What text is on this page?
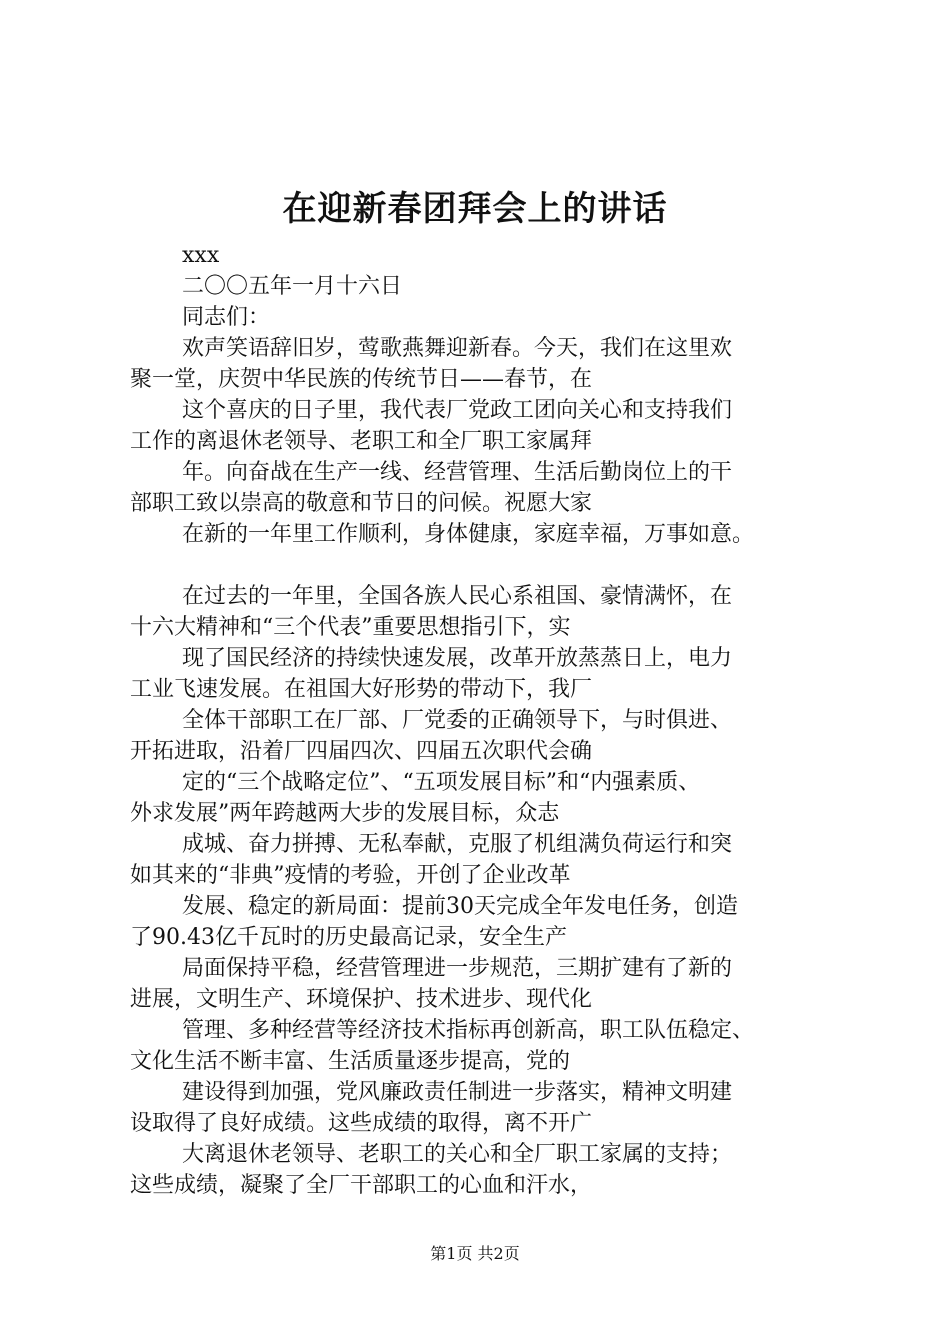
在迎新春团拜会上的讲话
xxx
二〇〇五年一月十六日
同志们：
欢声笑语辞旧岁，莺歌燕舞迎新春。今天，我们在这里欢
聚一堂，庆贺中华民族的传统节日——春节，在
这个喜庆的日子里，我代表厂党政工团向关心和支持我们
工作的离退休老领导、老职工和全厂职工家属拜
年。向奋战在生产一线、经营管理、生活后勤岗位上的干
部职工致以崇高的敬意和节日的问候。祝愿大家
在新的一年里工作顺利，身体健康，家庭幸福，万事如意。
在过去的一年里，全国各族人民心系祖国、豪情满怀，在
十六大精神和“三个代表”重要思想指引下，实
现了国民经济的持续快速发展，改革开放蒸蒸日上，电力
工业飞速发展。在祖国大好形势的带动下，我厂
全体干部职工在厂部、厂党委的正确领导下，与时俱进、
开拓进取，沿着厂四届四次、四届五次职代会确
定的“三个战略定位”、“五项发展目标”和“内强素质、
外求发展”两年跨越两大步的发展目标，众志
成城、奋力拼搏、无私奉献，克服了机组满负荷运行和突
如其来的“非典”疫情的考验，开创了企业改革
发展、稳定的新局面：提前30天完成全年发电任务，创造
了90.43亿千瓦时的历史最高记录，安全生产
局面保持平稳，经营管理进一步规范，三期扩建有了新的
进展，文明生产、环境保护、技术进步、现代化
管理、多种经营等经济技术指标再创新高，职工队伍稳定、
文化生活不断丰富、生活质量逐步提高，党的
建设得到加强，党风廉政责任制进一步落实，精神文明建
设取得了良好成绩。这些成绩的取得，离不开广
大离退休老领导、老职工的关心和全厂职工家属的支持；
这些成绩，凝聚了全厂干部职工的心血和汗水，
第1页 共2页
